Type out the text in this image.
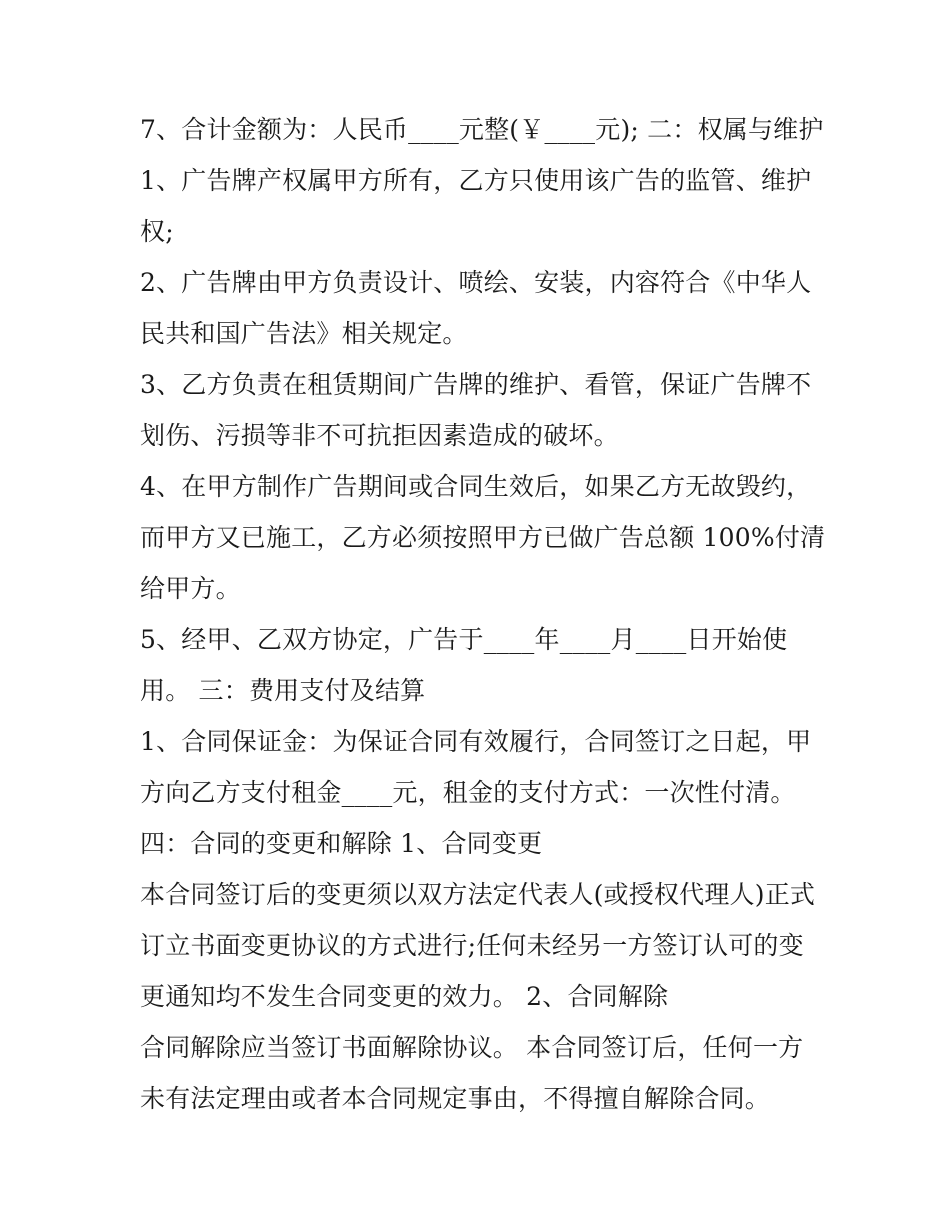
7、合计金额为：人民币____元整(￥____元); 二：权属与维护
1、广告牌产权属甲方所有，乙方只使用该广告的监管、维护
权;
2、广告牌由甲方负责设计、喷绘、安装，内容符合《中华人
民共和国广告法》相关规定。
3、乙方负责在租赁期间广告牌的维护、看管，保证广告牌不
划伤、污损等非不可抗拒因素造成的破坏。
4、在甲方制作广告期间或合同生效后，如果乙方无故毁约，
而甲方又已施工，乙方必须按照甲方已做广告总额 100%付清
给甲方。
5、经甲、乙双方协定，广告于____年____月____日开始使
用。 三：费用支付及结算
1、合同保证金：为保证合同有效履行，合同签订之日起，甲
方向乙方支付租金____元，租金的支付方式：一次性付清。
四：合同的变更和解除 1、合同变更
本合同签订后的变更须以双方法定代表人(或授权代理人)正式
订立书面变更协议的方式进行;任何未经另一方签订认可的变
更通知均不发生合同变更的效力。 2、合同解除
合同解除应当签订书面解除协议。 本合同签订后，任何一方
未有法定理由或者本合同规定事由，不得擅自解除合同。
